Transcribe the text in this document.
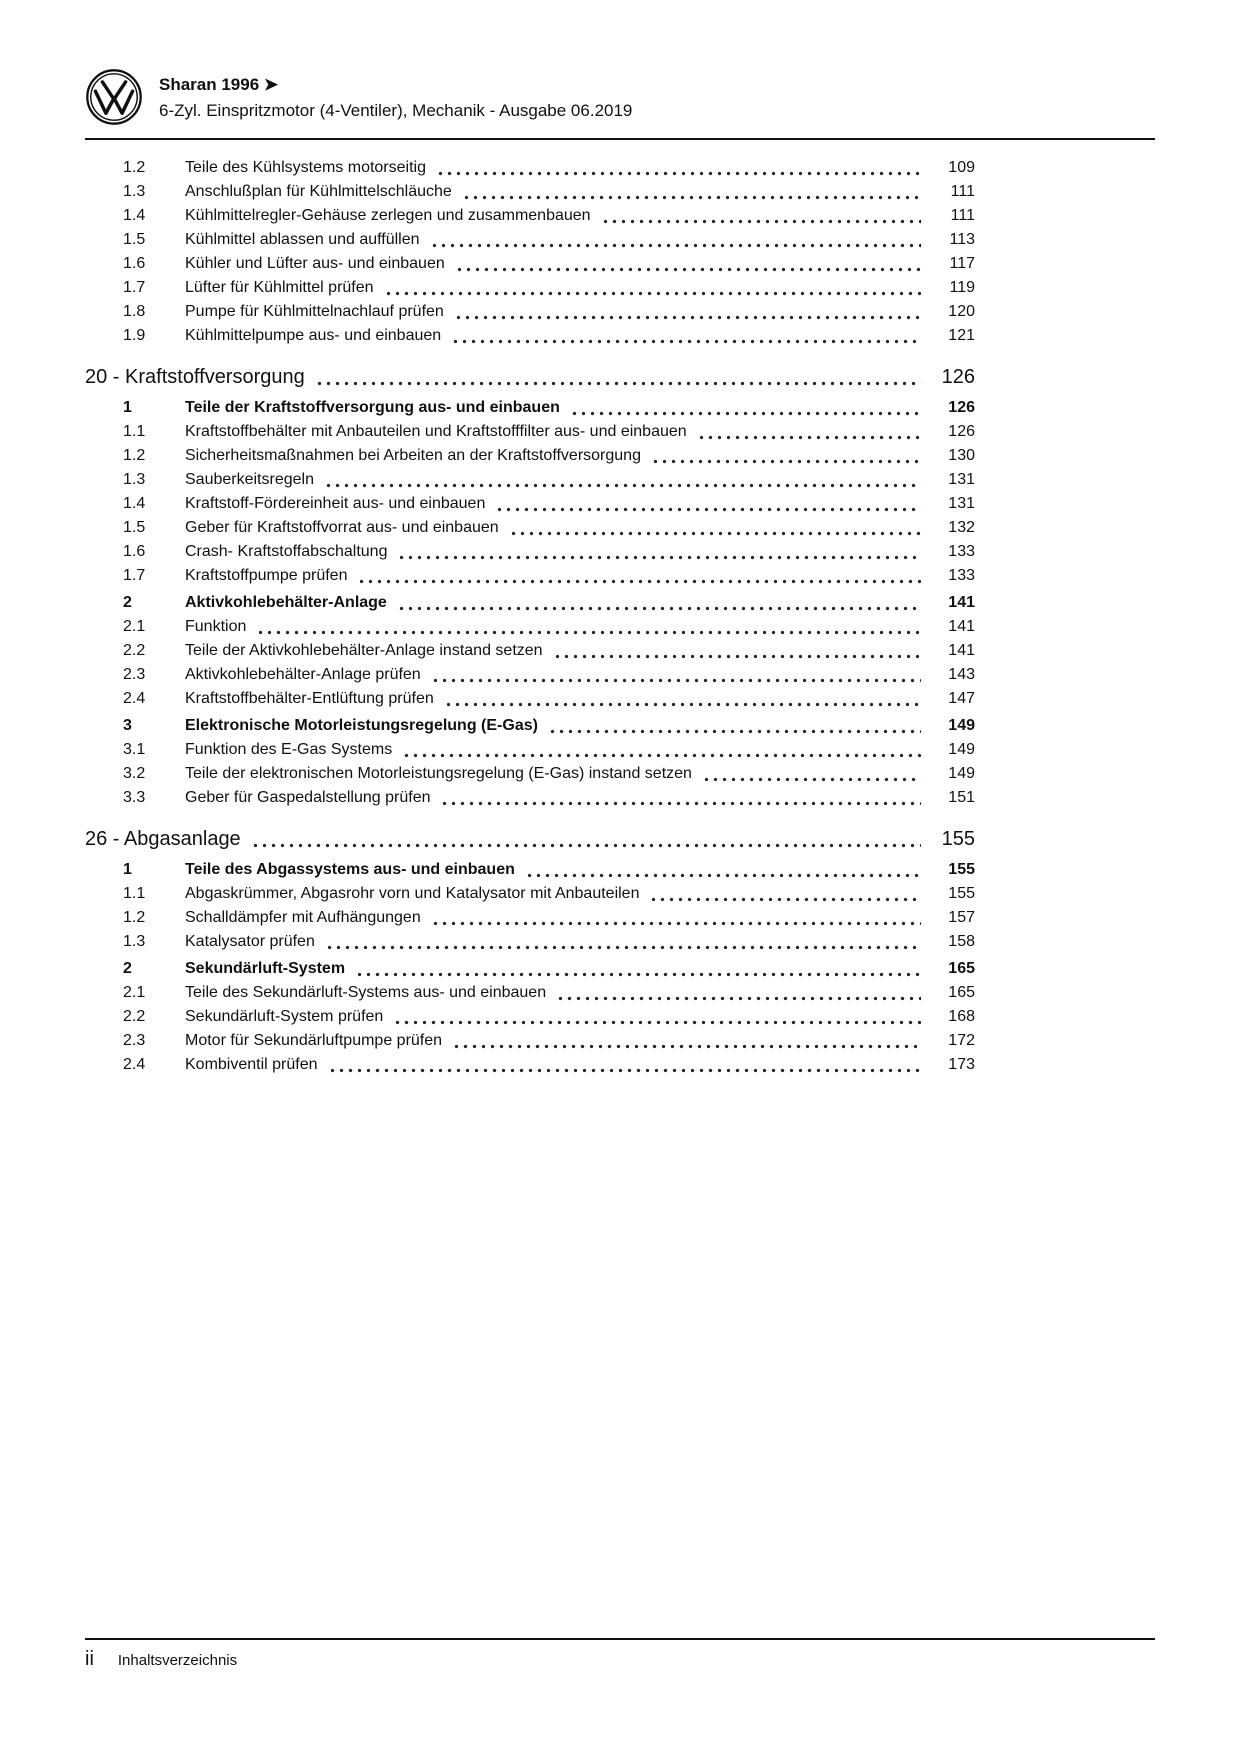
Sharan 1996 ➤
6-Zyl. Einspritzmotor (4-Ventiler), Mechanik - Ausgabe 06.2019
1.2	Teile des Kühlsystems motorseitig	109
1.3	Anschlußplan für Kühlmittelschläuche	111
1.4	Kühlmittelregler-Gehäuse zerlegen und zusammenbauen	111
1.5	Kühlmittel ablassen und auffüllen	113
1.6	Kühler und Lüfter aus- und einbauen	117
1.7	Lüfter für Kühlmittel prüfen	119
1.8	Pumpe für Kühlmittelnachlauf prüfen	120
1.9	Kühlmittelpumpe aus- und einbauen	121
20 - Kraftstoffversorgung	126
1	Teile der Kraftstoffversorgung aus- und einbauen	126
1.1	Kraftstoffbehälter mit Anbauteilen und Kraftstofffilter aus- und einbauen	126
1.2	Sicherheitsmaßnahmen bei Arbeiten an der Kraftstoffversorgung	130
1.3	Sauberkeitsregeln	131
1.4	Kraftstoff-Fördereinheit aus- und einbauen	131
1.5	Geber für Kraftstoffvorrat aus- und einbauen	132
1.6	Crash- Kraftstoffabschaltung	133
1.7	Kraftstoffpumpe prüfen	133
2	Aktivkohlebehälter-Anlage	141
2.1	Funktion	141
2.2	Teile der Aktivkohlebehälter-Anlage instand setzen	141
2.3	Aktivkohlebehälter-Anlage prüfen	143
2.4	Kraftstoffbehälter-Entlüftung prüfen	147
3	Elektronische Motorleistungsregelung (E-Gas)	149
3.1	Funktion des E-Gas Systems	149
3.2	Teile der elektronischen Motorleistungsregelung (E-Gas) instand setzen	149
3.3	Geber für Gaspedalstellung prüfen	151
26 - Abgasanlage	155
1	Teile des Abgassystems aus- und einbauen	155
1.1	Abgaskrümmer, Abgasrohr vorn und Katalysator mit Anbauteilen	155
1.2	Schalldämpfer mit Aufhängungen	157
1.3	Katalysator prüfen	158
2	Sekundärluft-System	165
2.1	Teile des Sekundärluft-Systems aus- und einbauen	165
2.2	Sekundärluft-System prüfen	168
2.3	Motor für Sekundärluftpumpe prüfen	172
2.4	Kombiventil prüfen	173
ii Inhaltsverzeichnis
